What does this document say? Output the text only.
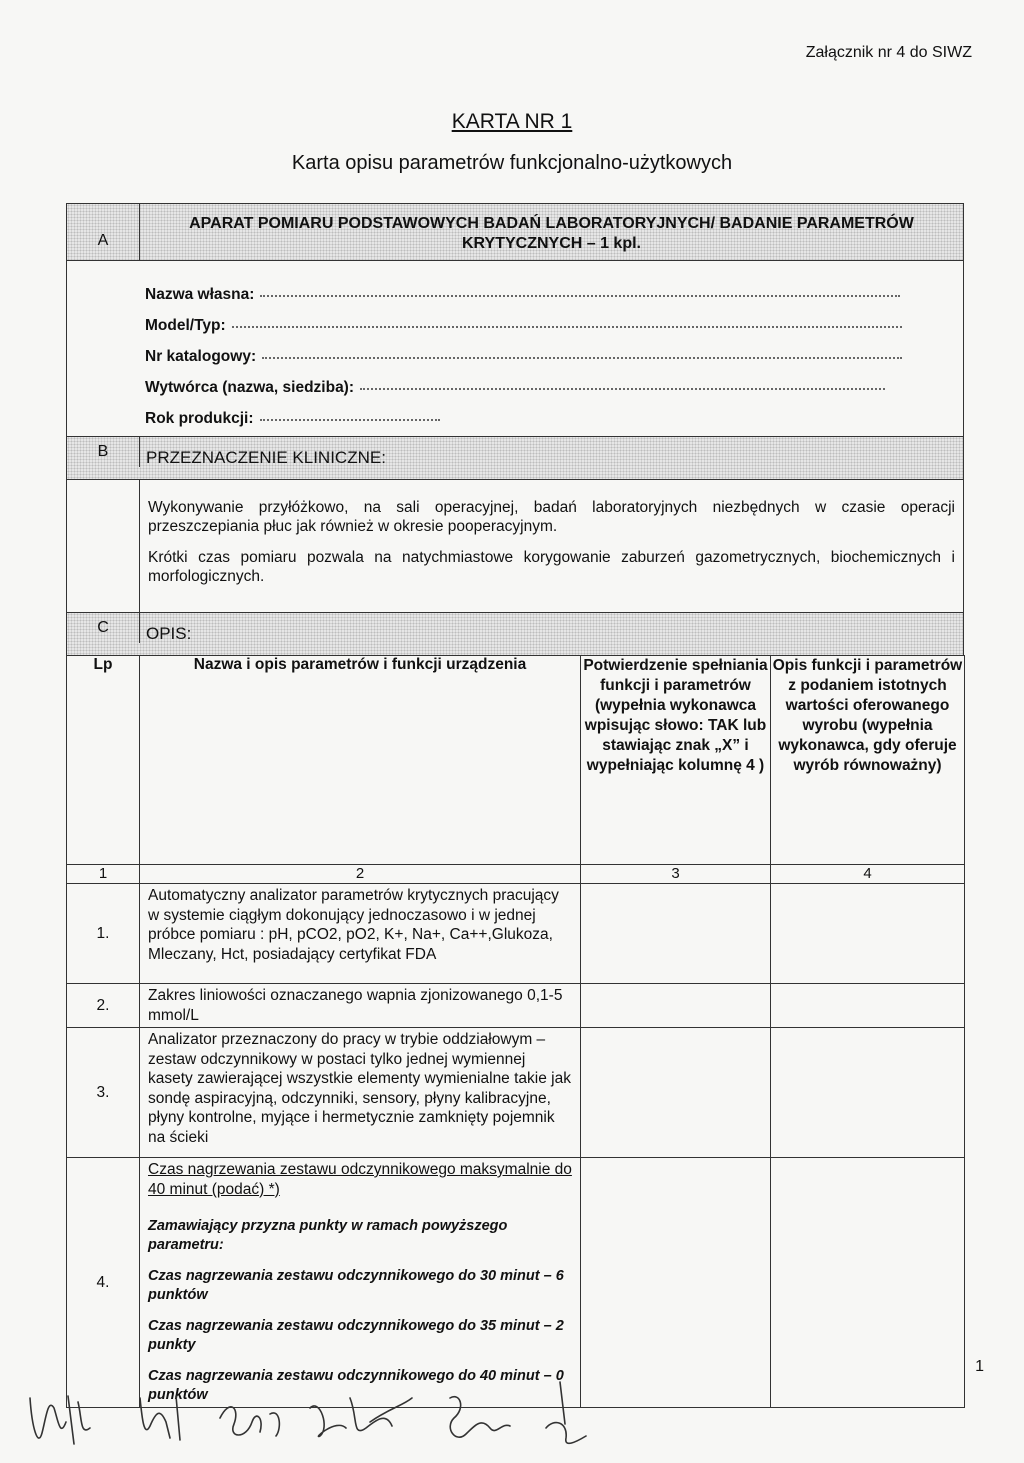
Załącznik nr 4 do SIWZ
KARTA NR 1
Karta opisu parametrów funkcjonalno-użytkowych
A
APARAT POMIARU PODSTAWOWYCH BADAŃ LABORATORYJNYCH/ BADANIE PARAMETRÓW
KRYTYCZNYCH – 1 kpl.
Nazwa własna:
Model/Typ:
Nr katalogowy:
Wytwórca (nazwa, siedziba):
Rok produkcji:
B	PRZEZNACZENIE KLINICZNE:

Wykonywanie przyłóżkowo, na sali operacyjnej, badań laboratoryjnych niezbędnych w czasie operacji przeszczepiania płuc jak również w okresie pooperacyjnym.

Krótki czas pomiaru pozwala na natychmiastowe korygowanie zaburzeń gazometrycznych, biochemicznych i morfologicznych.

C	OPIS:
Lp	Nazwa i opis parametrów i funkcji urządzenia	Potwierdzenie spełniania funkcji i parametrów (wypełnia wykonawca wpisując słowo: TAK lub stawiając znak „X” i wypełniając kolumnę 4 )	Opis funkcji i parametrów z podaniem istotnych wartości oferowanego wyrobu (wypełnia wykonawca, gdy oferuje wyrób równoważny)
1	2	3	4
1.	Automatyczny analizator parametrów krytycznych pracujący w systemie ciągłym dokonujący jednoczasowo i w jednej próbce pomiaru : pH, pCO2, pO2, K+, Na+, Ca++,Glukoza, Mleczany, Hct, posiadający certyfikat FDA		
2.	Zakres liniowości oznaczanego wapnia zjonizowanego 0,1-5 mmol/L		
3.	Analizator przeznaczony do pracy w trybie oddziałowym – zestaw odczynnikowy w postaci tylko jednej wymiennej kasety zawierającej wszystkie elementy wymienialne takie jak sondę aspiracyjną, odczynniki, sensory, płyny kalibracyjne, płyny kontrolne, myjące i hermetycznie zamknięty pojemnik na ścieki		
4.	Czas nagrzewania zestawu odczynnikowego maksymalnie do 40 minut (podać) *)

Zamawiający przyzna punkty w ramach powyższego parametru:

Czas nagrzewania zestawu odczynnikowego do 30 minut – 6 punktów

Czas nagrzewania zestawu odczynnikowego do 35 minut – 2 punkty

Czas nagrzewania zestawu odczynnikowego do 40 minut – 0 punktów		

1
